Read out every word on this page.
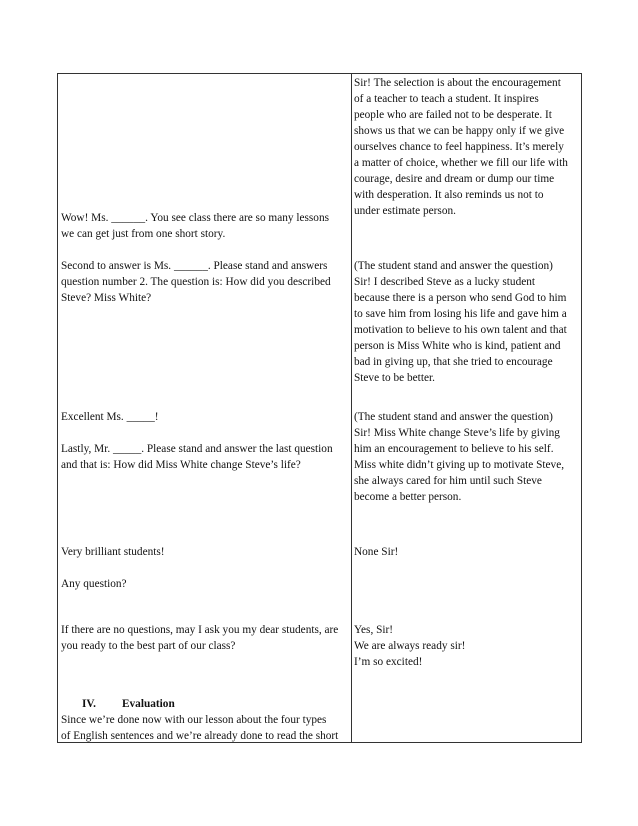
Wow! Ms. ______. You see class there are so many lessons

we can get just from one short story.

Second to answer is Ms. ______. Please stand and answers

question number 2. The question is: How did you described

Steve? Miss White?

Excellent Ms. _____!

Lastly, Mr. _____. Please stand and answer the last question

and that is: How did Miss White change Steve’s life?

Very brilliant students!

Any question?

If there are no questions, may I ask you my dear students, are

you ready to the best part of our class?

IV. Evaluation

Since we’re done now with our lesson about the four types

of English sentences and we’re already done to read the short

Sir! The selection is about the encouragement

of a teacher to teach a student. It inspires

people who are failed not to be desperate. It

shows us that we can be happy only if we give

ourselves chance to feel happiness. It’s merely

a matter of choice, whether we fill our life with

courage, desire and dream or dump our time

with desperation. It also reminds us not to

under estimate person.

(The student stand and answer the question)

Sir! I described Steve as a lucky student

because there is a person who send God to him

to save him from losing his life and gave him a

motivation to believe to his own talent and that

person is Miss White who is kind, patient and

bad in giving up, that she tried to encourage

Steve to be better.

(The student stand and answer the question)

Sir! Miss White change Steve’s life by giving

him an encouragement to believe to his self.

Miss white didn’t giving up to motivate Steve,

she always cared for him until such Steve

become a better person.

None Sir!

Yes, Sir!

We are always ready sir!

I’m so excited!
